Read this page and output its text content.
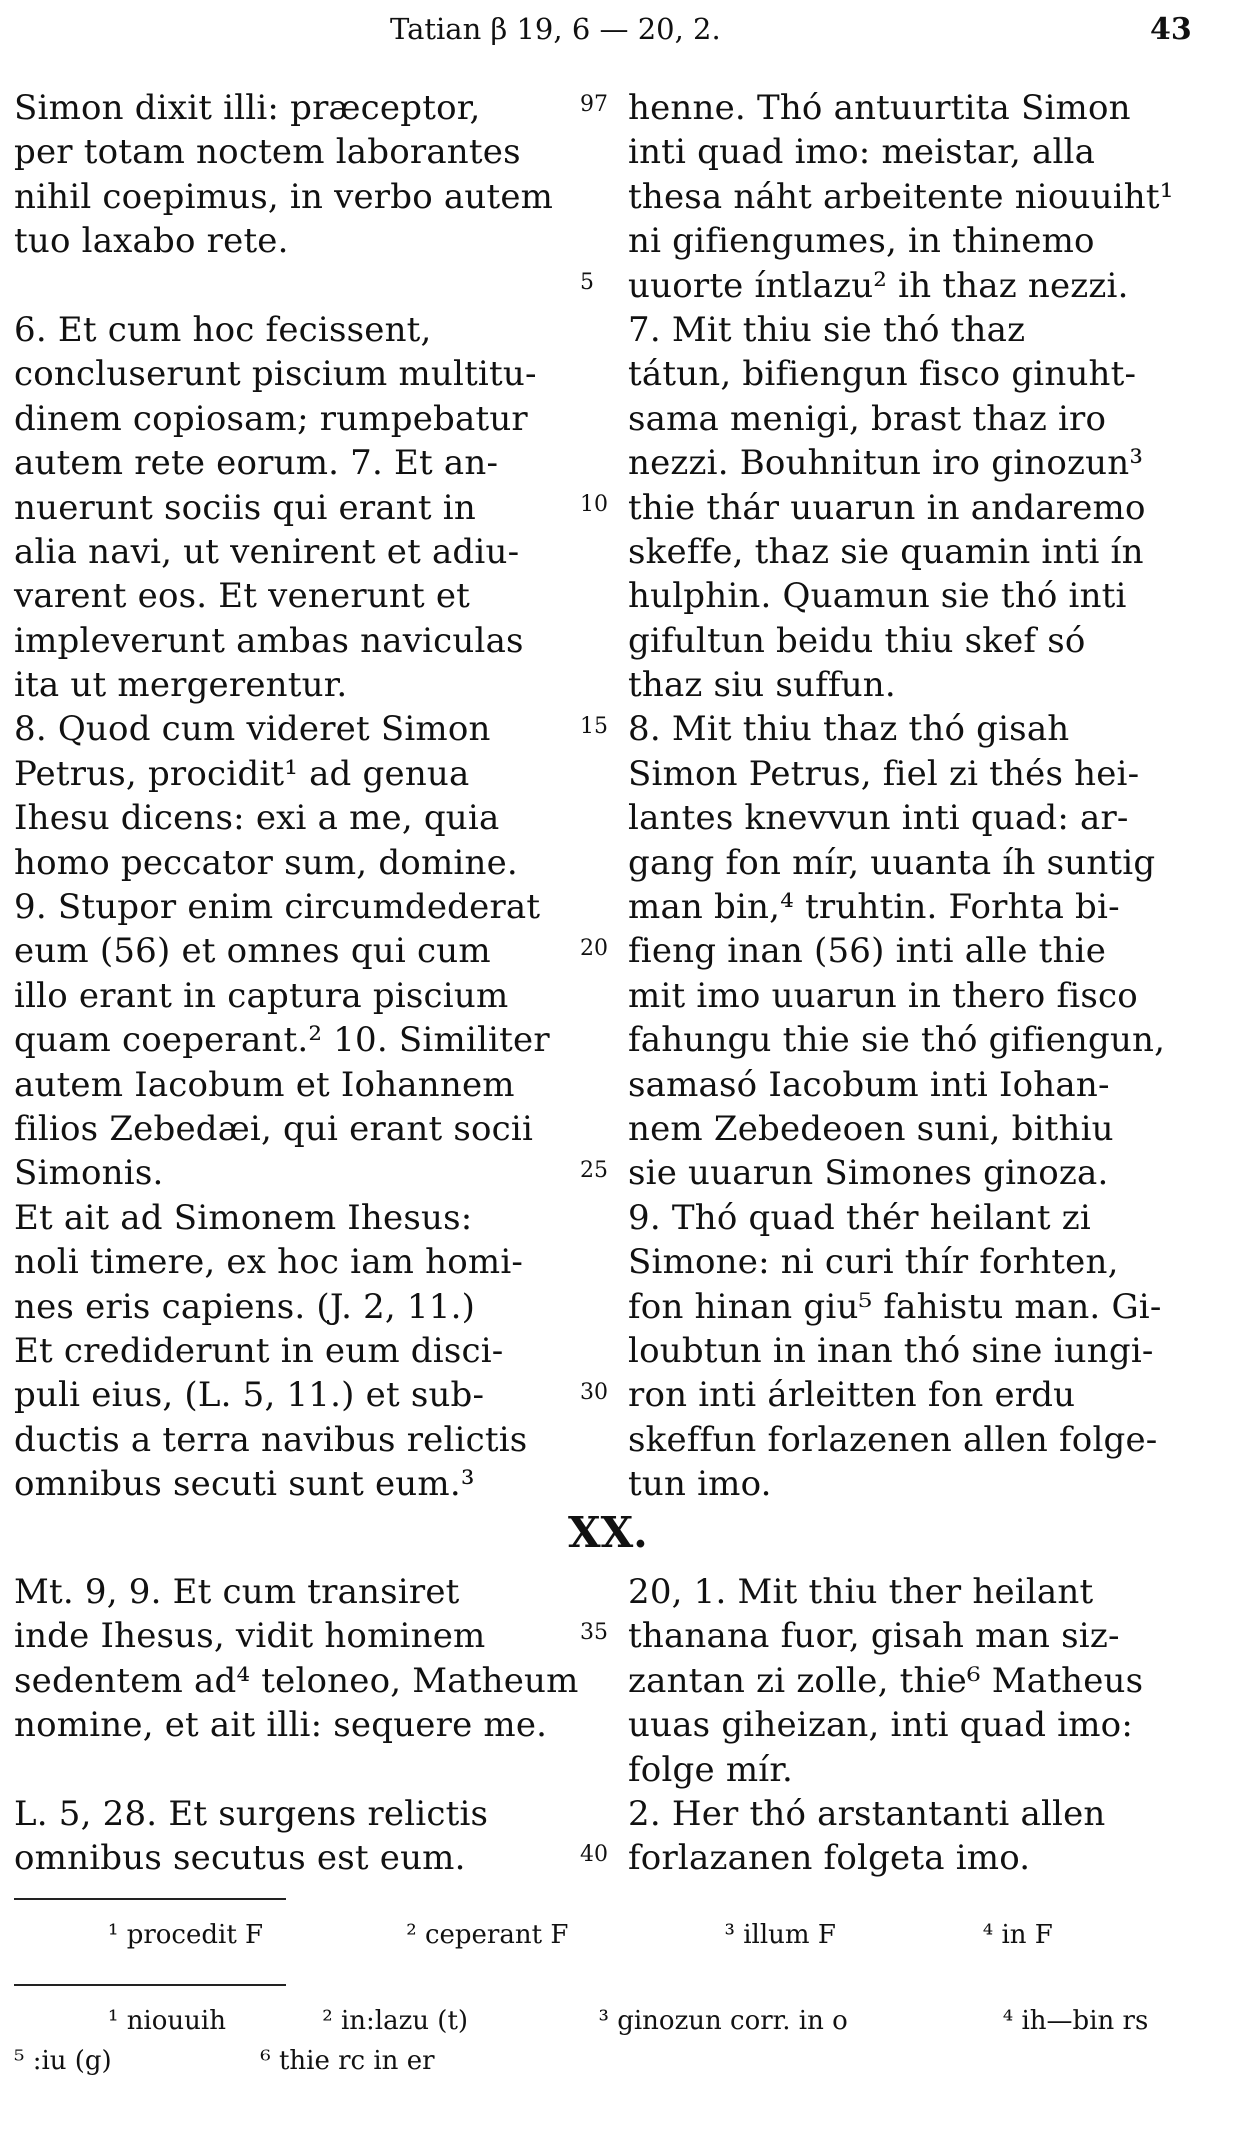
Tatian β 19, 6 — 20, 2.	43
Simon dixit illi: præceptor,
per totam noctem laborantes
nihil coepimus, in verbo autem
tuo laxabo rete.
6. Et cum hoc fecissent,
concluserunt piscium multitu-
dinem copiosam; rumpebatur
autem rete eorum. 7. Et an-
nuerunt sociis qui erant in
alia navi, ut venirent et adiu-
varent eos. Et venerunt et
impleverunt ambas naviculas
ita ut mergerentur.
8. Quod cum videret Simon
Petrus, procidit¹ ad genua
Ihesu dicens: exi a me, quia
homo peccator sum, domine.
9. Stupor enim circumdederat
eum (56) et omnes qui cum
illo erant in captura piscium
quam coeperant.² 10. Similiter
autem Iacobum et Iohannem
filios Zebedæi, qui erant socii
Simonis.
Et ait ad Simonem Ihesus:
noli timere, ex hoc iam homi-
nes eris capiens. (J. 2, 11.)
Et crediderunt in eum disci-
puli eius, (L. 5, 11.) et sub-
ductis a terra navibus relictis
omnibus secuti sunt eum.³
97
5
10
15
20
25
30
henne. Thó antuurtita Simon
inti quad imo: meistar, alla
thesa náht arbeitente niouuiht¹
ni gifiengumes, in thinemo
uuorte íntlazu² ih thaz nezzi.
7. Mit thiu sie thó thaz
tátun, bifiengun fisco ginuht-
sama menigi, brast thaz iro
nezzi. Bouhnitun iro ginozun³
thie thár uuarun in andaremo
skeffe, thaz sie quamin inti ín
hulphin. Quamun sie thó inti
gifultun beidu thiu skef só
thaz siu suffun.
8. Mit thiu thaz thó gisah
Simon Petrus, fiel zi thés hei-
lantes knevvun inti quad: ar-
gang fon mír, uuanta íh suntig
man bin,⁴ truhtin. Forhta bi-
fieng inan (56) inti alle thie
mit imo uuarun in thero fisco
fahungu thie sie thó gifiengun,
samasó Iacobum inti Iohan-
nem Zebedeoen suni, bithiu
sie uuarun Simones ginoza.
9. Thó quad thér heilant zi
Simone: ni curi thír forhten,
fon hinan giu⁵ fahistu man. Gi-
loubtun in inan thó sine iungi-
ron inti árleitten fon erdu
skeffun forlazenen allen folge-
tun imo.
XX.
Mt. 9, 9. Et cum transiret
inde Ihesus, vidit hominem
sedentem ad⁴ teloneo, Matheum
nomine, et ait illi: sequere me.
L. 5, 28. Et surgens relictis
omnibus secutus est eum.
35
40
20, 1. Mit thiu ther heilant
thanana fuor, gisah man siz-
zantan zi zolle, thie⁶ Matheus
uuas giheizan, inti quad imo:
folge mír.
2. Her thó arstantanti allen
forlazanen folgeta imo.
¹ procedit F	² ceperant F	³ illum F	⁴ in F
¹ niouuih	² in:lazu (t)	³ ginozun corr. in o	⁴ ih—bin rs
⁵ :iu (g)	⁶ thie rc in er
